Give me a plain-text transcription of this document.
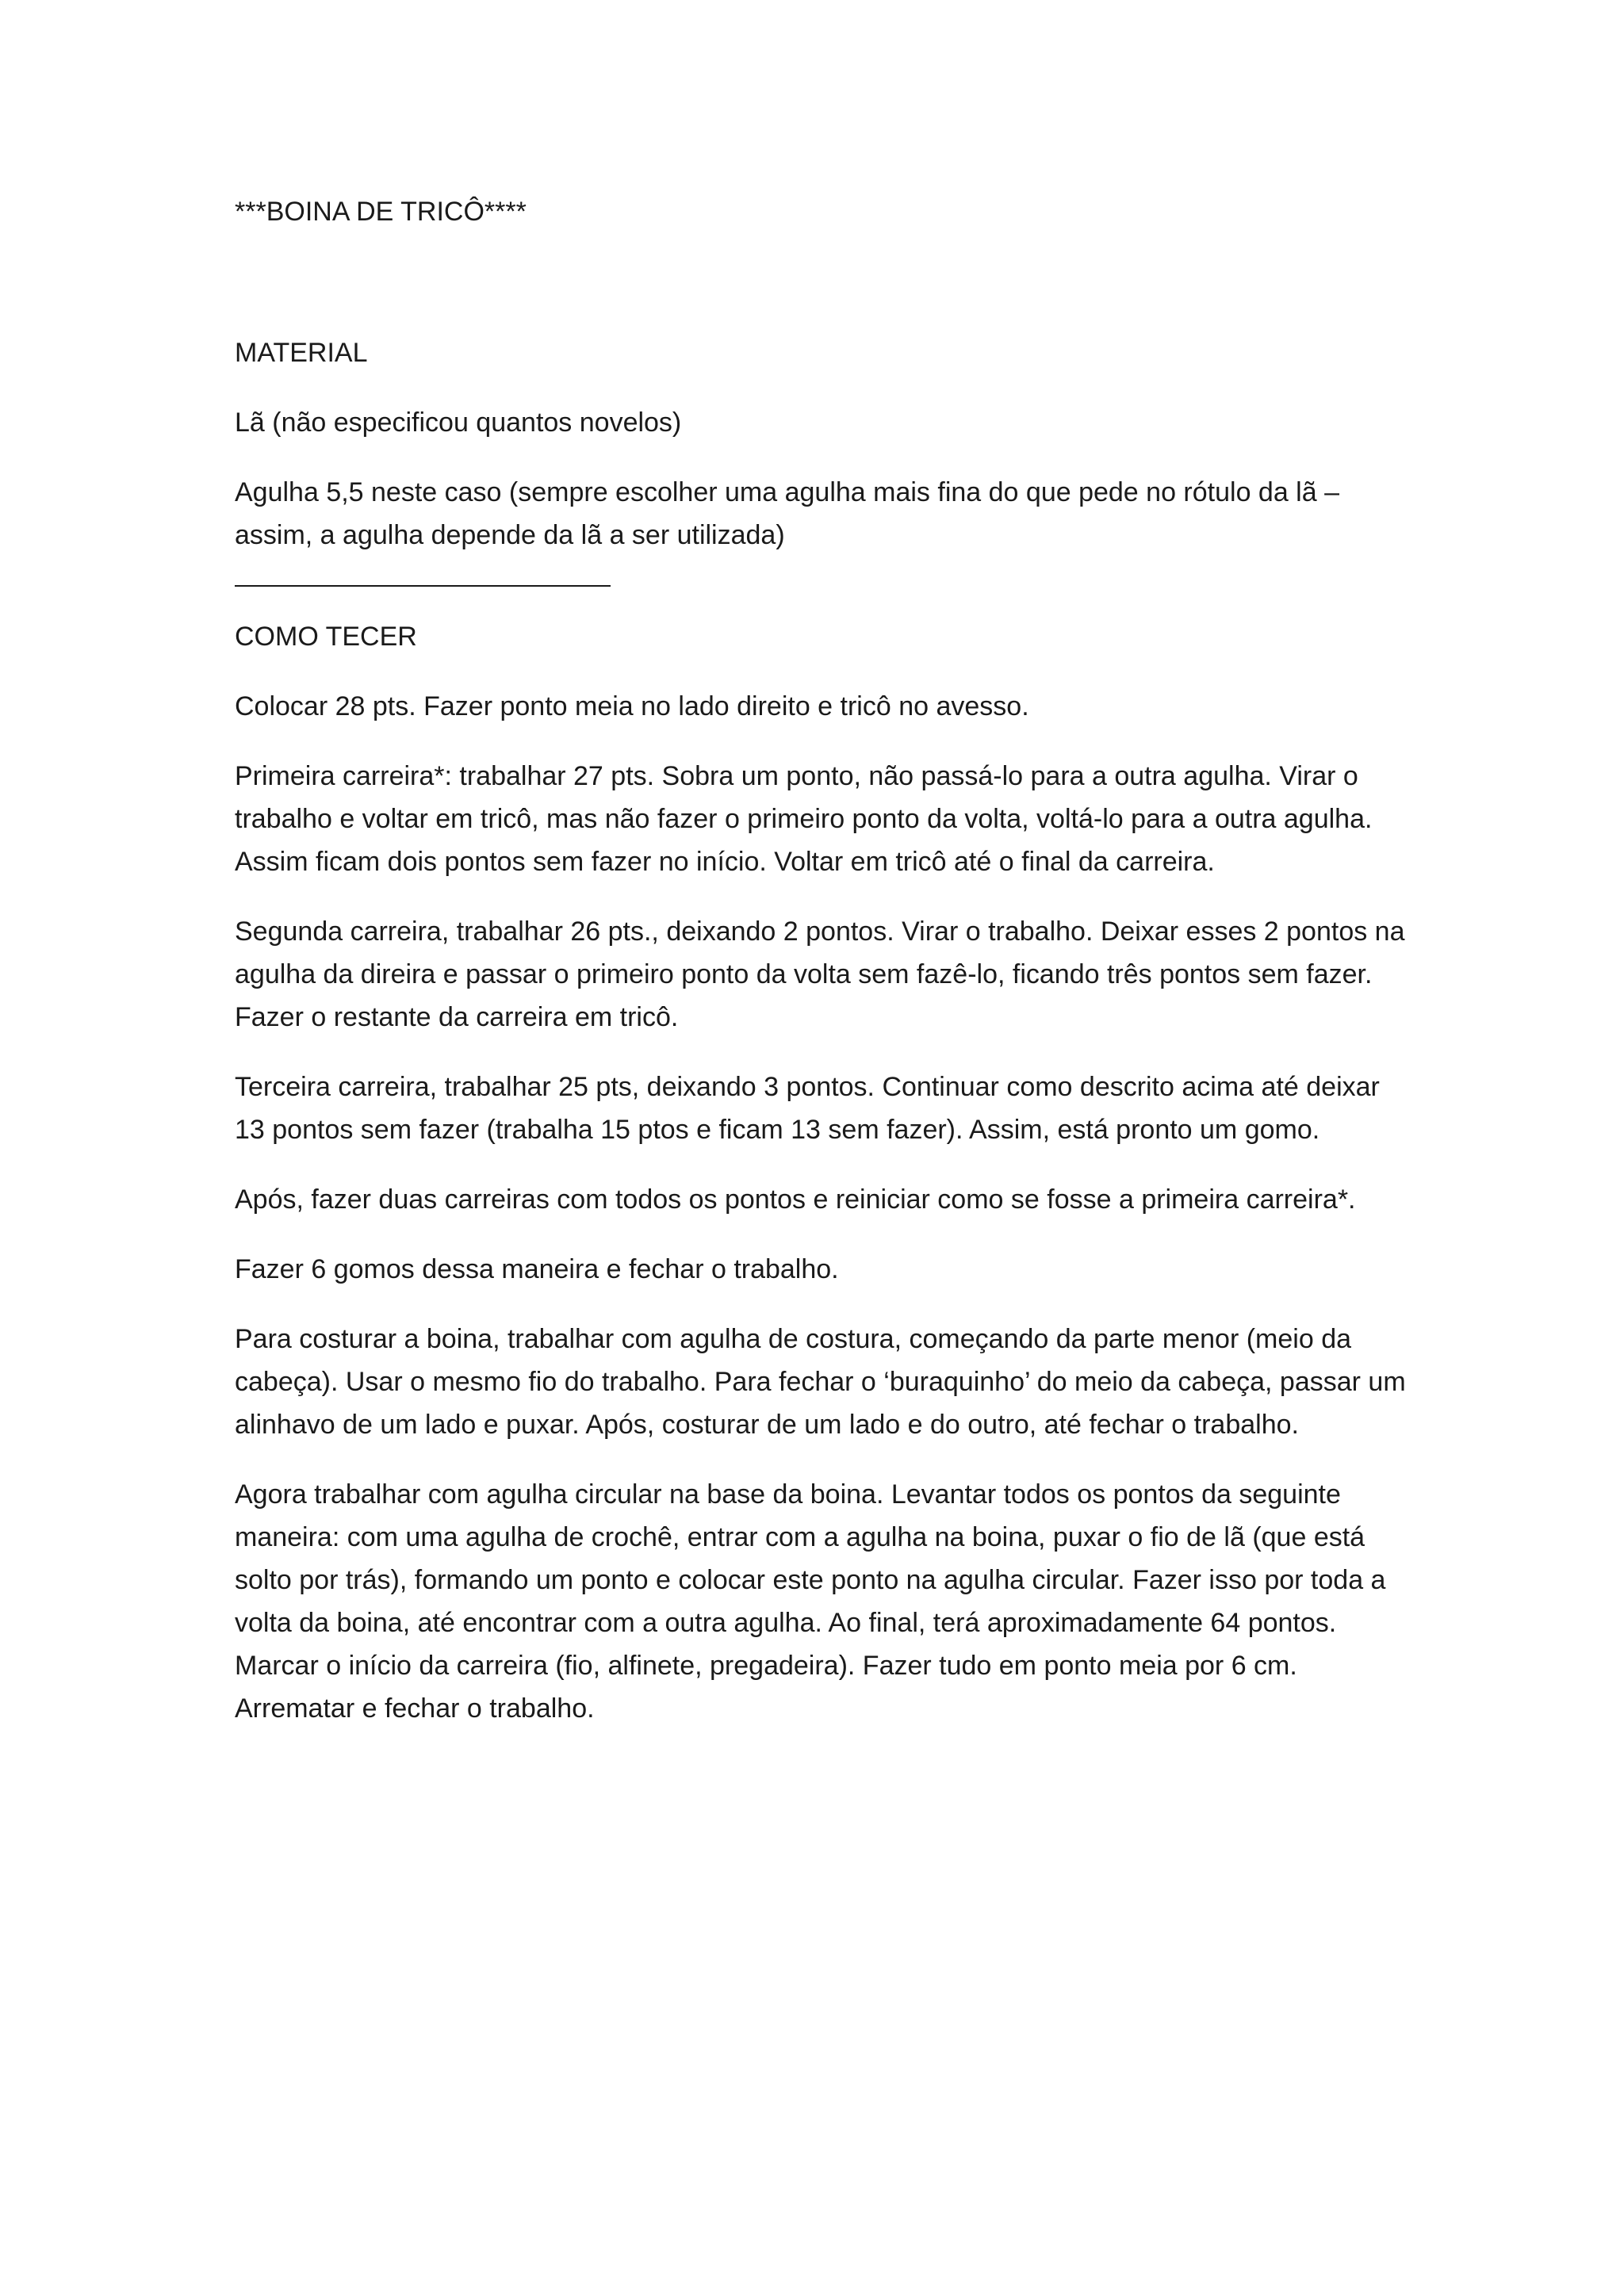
***BOINA DE TRICÔ****

MATERIAL

Lã (não especificou quantos novelos)

Agulha 5,5 neste caso (sempre escolher uma agulha mais fina do que pede no rótulo da lã – assim, a agulha depende da lã a ser utilizada)

COMO TECER

Colocar 28 pts. Fazer ponto meia no lado direito e tricô no avesso.

Primeira carreira*: trabalhar 27 pts. Sobra um ponto, não passá-lo para a outra agulha. Virar o trabalho e voltar em tricô, mas não fazer o primeiro ponto da volta, voltá-lo para a outra agulha. Assim ficam dois pontos sem fazer no início. Voltar em tricô até o final da carreira.

Segunda carreira, trabalhar 26 pts., deixando 2 pontos. Virar o trabalho. Deixar esses 2 pontos na agulha da direira e passar o primeiro ponto da volta sem fazê-lo, ficando três pontos sem fazer. Fazer o restante da carreira em tricô.

Terceira carreira, trabalhar 25 pts, deixando 3 pontos. Continuar como descrito acima até deixar 13 pontos sem fazer (trabalha 15 ptos e ficam 13 sem fazer). Assim, está pronto um gomo.

Após, fazer duas carreiras com todos os pontos e reiniciar como se fosse a primeira carreira*.

Fazer 6 gomos dessa maneira e fechar o trabalho.

Para costurar a boina, trabalhar com agulha de costura, começando da parte menor (meio da cabeça). Usar o mesmo fio do trabalho. Para fechar o ‘buraquinho’ do meio da cabeça, passar um alinhavo de um lado e puxar. Após, costurar de um lado e do outro, até fechar o trabalho.

Agora trabalhar com agulha circular na base da boina. Levantar todos os pontos da seguinte maneira: com uma agulha de crochê, entrar com a agulha na boina, puxar o fio de lã (que está solto por trás), formando um ponto e colocar este ponto na agulha circular. Fazer isso por toda a volta da boina, até encontrar com a outra agulha. Ao final, terá aproximadamente 64 pontos. Marcar o início da carreira (fio, alfinete, pregadeira). Fazer tudo em ponto meia por 6 cm. Arrematar e fechar o trabalho.
